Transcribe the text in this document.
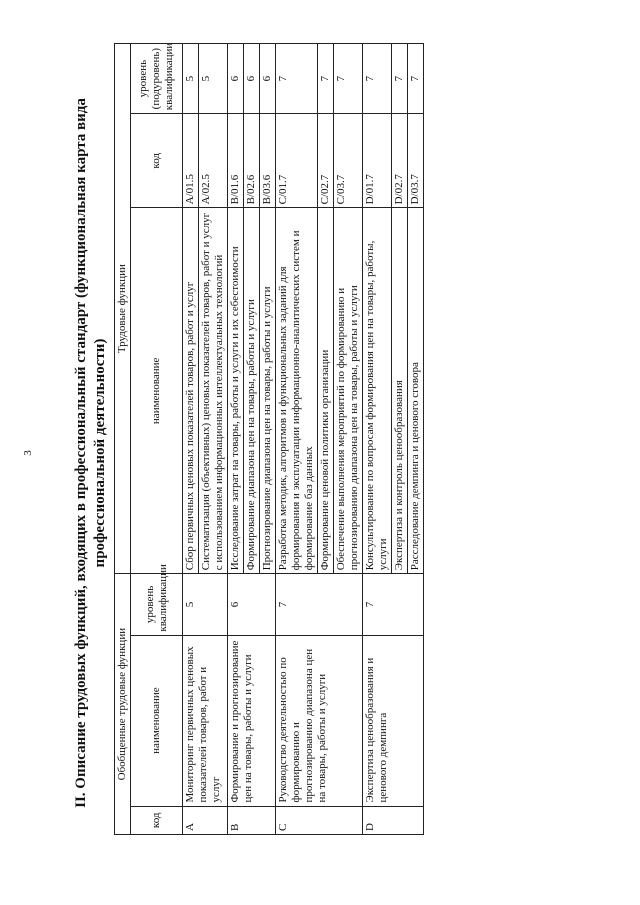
3	II. Описание трудовых функций, входящих в профессиональный стандарт (функциональная карта вида профессиональной деятельности)
Обобщенные трудовые функции			Трудовые функции		
код	наименование	уровень квалификации	наименование	код	уровень (подуровень) квалификации
A	Мониторинг первичных ценовых показателей товаров, работ и услуг	5	Сбор первичных ценовых показателей товаров, работ и услуг	A/01.5	5
			Систематизация (объективных) ценовых показателей товаров, работ и услуг с использованием информационных интеллектуальных технологий	A/02.5	5
B	Формирование и прогнозирование цен на товары, работы и услуги	6	Исследование затрат на товары, работы и услуги и их себестоимости	B/01.6	6
			Формирование диапазона цен на товары, работы и услуги	B/02.6	6
			Прогнозирование диапазона цен на товары, работы и услуги	B/03.6	6
C	Руководство деятельностью по формированию и прогнозированию диапазона цен на товары, работы и услуги	7	Разработка методик, алгоритмов и функциональных заданий для формирования и эксплуатации информационно-аналитических систем и формирование баз данных	C/01.7	7
			Формирование ценовой политики организации	C/02.7	7
			Обеспечение выполнения мероприятий по формированию и прогнозированию диапазона цен на товары, работы и услуги	C/03.7	7
D	Экспертиза ценообразования и ценового демпинга	7	Консультирование по вопросам формирования цен на товары, работы, услуги	D/01.7	7
			Экспертиза и контроль ценообразования	D/02.7	7
			Расследование демпинга и ценового сговора	D/03.7	7
